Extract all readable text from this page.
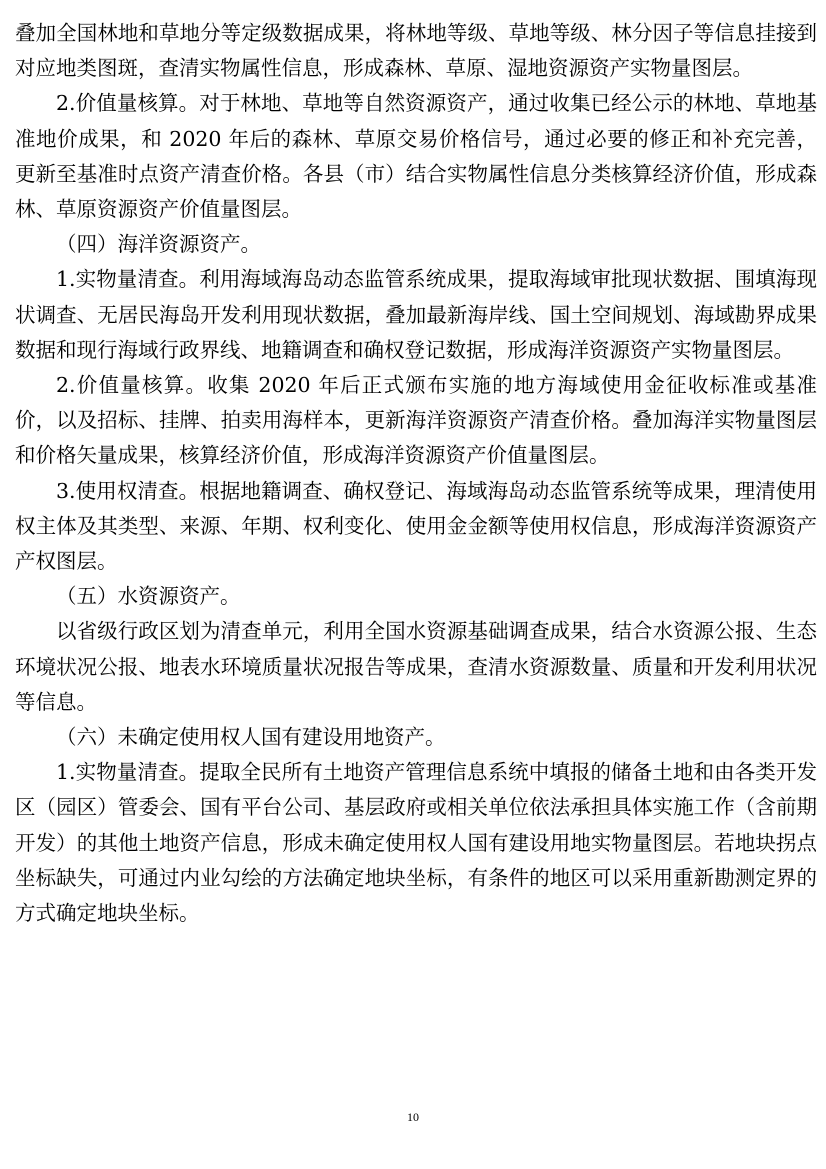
叠加全国林地和草地分等定级数据成果，将林地等级、草地等级、林分因子等信息挂接到对应地类图斑，查清实物属性信息，形成森林、草原、湿地资源资产实物量图层。

2.价值量核算。对于林地、草地等自然资源资产，通过收集已经公示的林地、草地基准地价成果，和 2020 年后的森林、草原交易价格信号，通过必要的修正和补充完善，更新至基准时点资产清查价格。各县（市）结合实物属性信息分类核算经济价值，形成森林、草原资源资产价值量图层。

（四）海洋资源资产。

1.实物量清查。利用海域海岛动态监管系统成果，提取海域审批现状数据、围填海现状调查、无居民海岛开发利用现状数据，叠加最新海岸线、国土空间规划、海域勘界成果数据和现行海域行政界线、地籍调查和确权登记数据，形成海洋资源资产实物量图层。

2.价值量核算。收集 2020 年后正式颁布实施的地方海域使用金征收标准或基准价，以及招标、挂牌、拍卖用海样本，更新海洋资源资产清查价格。叠加海洋实物量图层和价格矢量成果，核算经济价值，形成海洋资源资产价值量图层。

3.使用权清查。根据地籍调查、确权登记、海域海岛动态监管系统等成果，理清使用权主体及其类型、来源、年期、权利变化、使用金金额等使用权信息，形成海洋资源资产产权图层。

（五）水资源资产。

以省级行政区划为清查单元，利用全国水资源基础调查成果，结合水资源公报、生态环境状况公报、地表水环境质量状况报告等成果，查清水资源数量、质量和开发利用状况等信息。

（六）未确定使用权人国有建设用地资产。

1.实物量清查。提取全民所有土地资产管理信息系统中填报的储备土地和由各类开发区（园区）管委会、国有平台公司、基层政府或相关单位依法承担具体实施工作（含前期开发）的其他土地资产信息，形成未确定使用权人国有建设用地实物量图层。若地块拐点坐标缺失，可通过内业勾绘的方法确定地块坐标，有条件的地区可以采用重新勘测定界的方式确定地块坐标。

10
